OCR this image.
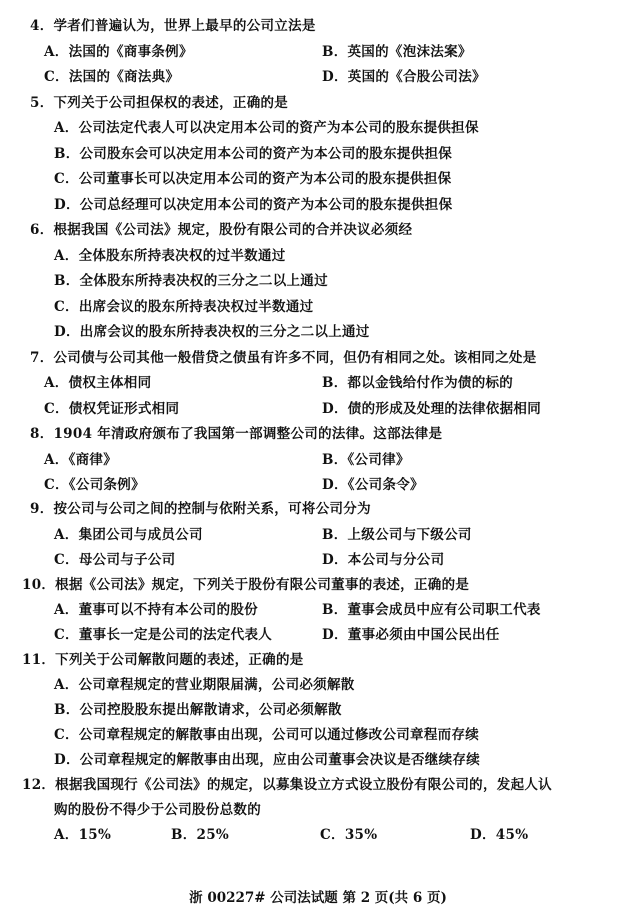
4．学者们普遍认为，世界上最早的公司立法是
A．法国的《商事条例》	B．英国的《泡沫法案》
C．法国的《商法典》	D．英国的《合股公司法》
5．下列关于公司担保权的表述，正确的是
A．公司法定代表人可以决定用本公司的资产为本公司的股东提供担保
B．公司股东会可以决定用本公司的资产为本公司的股东提供担保
C．公司董事长可以决定用本公司的资产为本公司的股东提供担保
D．公司总经理可以决定用本公司的资产为本公司的股东提供担保
6．根据我国《公司法》规定，股份有限公司的合并决议必须经
A．全体股东所持表决权的过半数通过
B．全体股东所持表决权的三分之二以上通过
C．出席会议的股东所持表决权过半数通过
D．出席会议的股东所持表决权的三分之二以上通过
7．公司债与公司其他一般借贷之债虽有许多不同，但仍有相同之处。该相同之处是
A．债权主体相同	B．都以金钱给付作为债的标的
C．债权凭证形式相同	D．债的形成及处理的法律依据相同
8．1904 年清政府颁布了我国第一部调整公司的法律。这部法律是
A．《商律》	B．《公司律》
C．《公司条例》	D．《公司条令》
9．按公司与公司之间的控制与依附关系，可将公司分为
A．集团公司与成员公司	B．上级公司与下级公司
C．母公司与子公司	D．本公司与分公司
10．根据《公司法》规定，下列关于股份有限公司董事的表述，正确的是
A．董事可以不持有本公司的股份	B．董事会成员中应有公司职工代表
C．董事长一定是公司的法定代表人	D．董事必须由中国公民出任
11．下列关于公司解散问题的表述，正确的是
A．公司章程规定的营业期限届满，公司必须解散
B．公司控股股东提出解散请求，公司必须解散
C．公司章程规定的解散事由出现，公司可以通过修改公司章程而存续
D．公司章程规定的解散事由出现，应由公司董事会决议是否继续存续
12．根据我国现行《公司法》的规定，以募集设立方式设立股份有限公司的，发起人认
购的股份不得少于公司股份总数的
A．15%	B．25%	C．35%	D．45%
浙 00227# 公司法试题 第 2 页(共 6 页)
